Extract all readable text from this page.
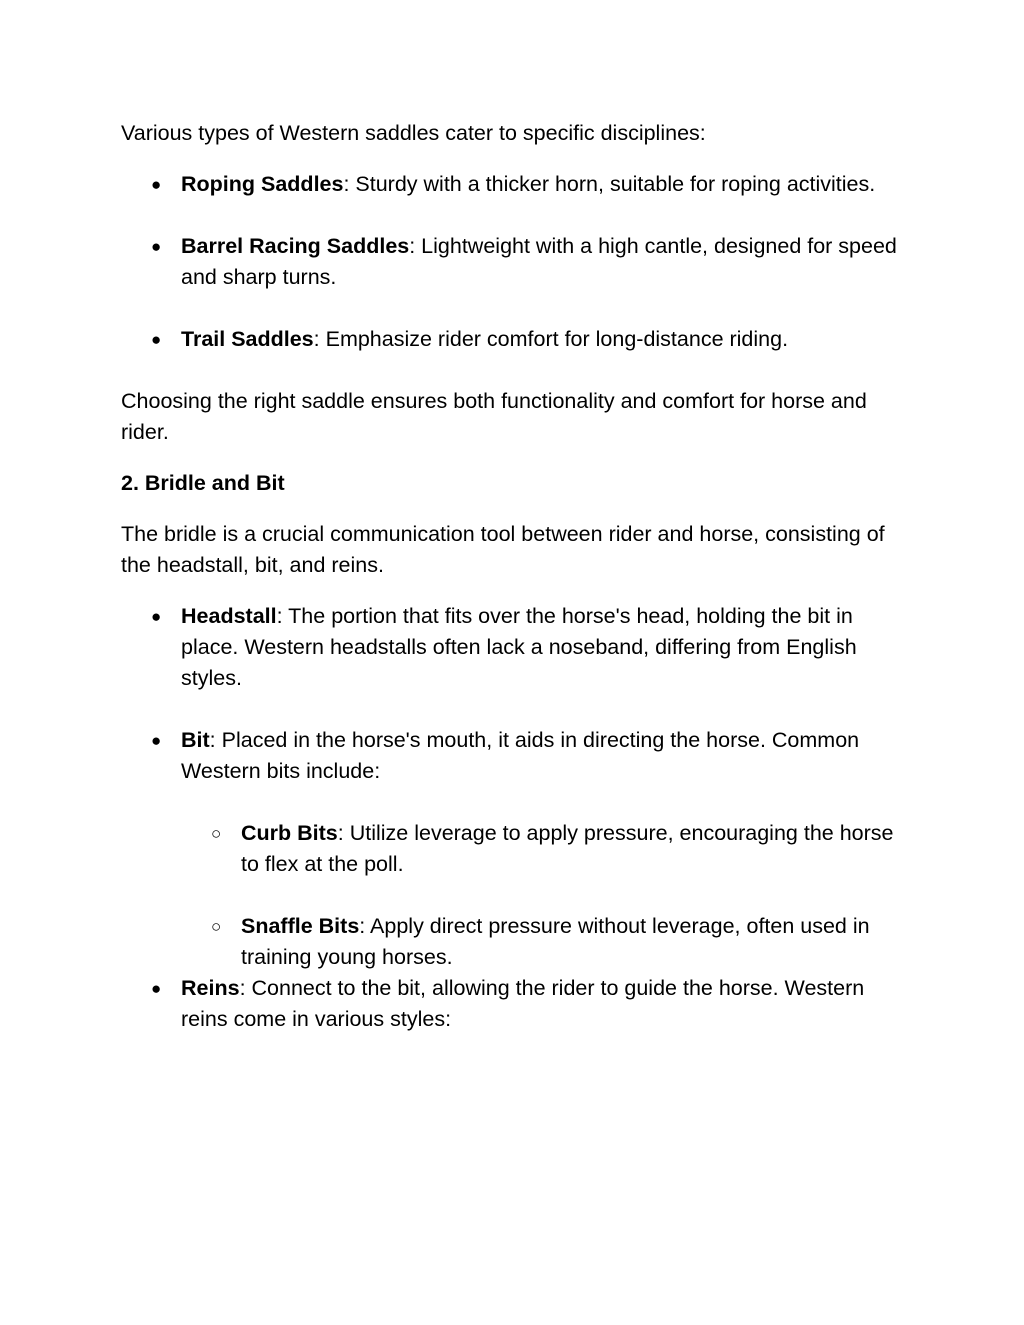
Various types of Western saddles cater to specific disciplines:

● Roping Saddles: Sturdy with a thicker horn, suitable for roping activities.
● Barrel Racing Saddles: Lightweight with a high cantle, designed for speed and sharp turns.
● Trail Saddles: Emphasize rider comfort for long-distance riding.

Choosing the right saddle ensures both functionality and comfort for horse and rider.

2. Bridle and Bit

The bridle is a crucial communication tool between rider and horse, consisting of the headstall, bit, and reins.

● Headstall: The portion that fits over the horse's head, holding the bit in place. Western headstalls often lack a noseband, differing from English styles.
● Bit: Placed in the horse's mouth, it aids in directing the horse. Common Western bits include:
○ Curb Bits: Utilize leverage to apply pressure, encouraging the horse to flex at the poll.
○ Snaffle Bits: Apply direct pressure without leverage, often used in training young horses.
● Reins: Connect to the bit, allowing the rider to guide the horse. Western reins come in various styles:
